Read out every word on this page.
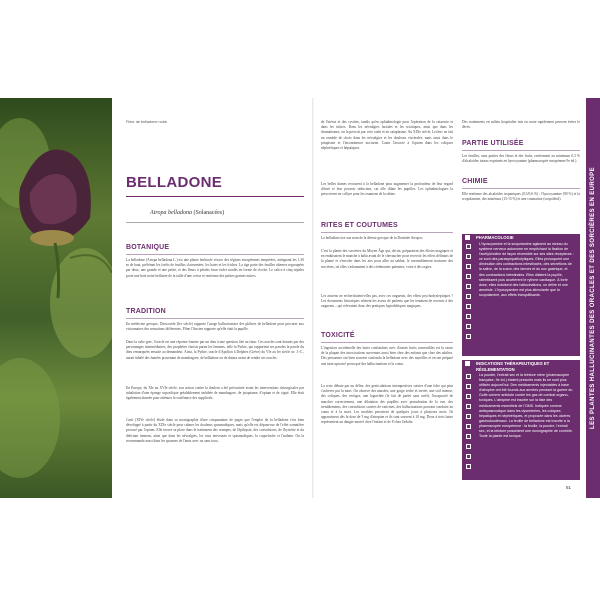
Fleur de belladone noire.
BELLADONE
Atropa belladona (Solanacées)
BOTANIQUE
La belladone (Atropa belladona L.) est une plante herbacée vivace des régions européennes tempérées, atteignant les 1,30 m de haut, préférant les forêts de feuillus clairsemées, les haies et les friches. La tige porte des feuilles alternes regroupées par deux, une grande et une petite, et des fleurs à pétales brun violet soudés en forme de cloche. Le calice à cinq sépales porte une baie noire brillante de la taille d'une cerise et renferme des petites graines noires.
TRADITION
En médecine grecque, Dioscoride (Ier siècle) rapporte l'usage hallucinatoire des philtres de belladone pour procurer aux visionnaires des sensations différentes. Pline l'Ancien rapporte qu'elle était la pupille.
Dans la culte grec, l'oracle est une réponse fournie par un dieu à une question liée au futur. Ces oracles sont donnés par des personnages intermédiaires, des prophètes choisis parmi les femmes, telle la Pythie, qui rapportent ses paroles la parole du dieu remarquées ensuite au demandeur. Ainsi, la Pythie, oracle d'Apollon à Delphes (Grèce) du VIe au Ier siècle av. J.-C., aurait inhalé des fumées provenant de mandragore, de belladone ou de datura avant de rendre ses oracles.
En Europe, du XIe au XVIe siècle, son action contre la douleur a été préconisée avant les interventions chirurgicales par inhalation d'une éponge soporifique préalablement imbibée de mandragore, de jusquiame, d'opium et de ciguë. Elle était également donnée pour atténuer la souffrance des suppliciés.
Casti (XIVe siècle) élude dans sa monographie d'une cinquantaine de pages que l'emploi de la belladone s'est bien développé à partir du XIXe siècle pour calmer les douleurs spasmodiques, mais qu'elle est dépourvue de l'effet somnifère procuré par l'opium. Elle trouve sa place dans le traitement des crampes, de l'épilepsie, des convulsions, de l'hystérie et du delirium tremens, ainsi que dans les névralgies, les toux nerveuses et spasmodiques, la coqueluche et l'asthme. On la recommande aussi dans les spasmes de l'anus avec ou sans toux,
de l'utérus et des cystites, tandis qu'en ophtalmologie pour l'opération de la cataracte et dans les iritites. Dans les névralgies faciales et les sciatiques, ainsi que dans les rhumatismes, on la prescrit par voie orale et en cataplasme. Au XIXe siècle, Leclerc en fait un remède de choix dans les névralgies et les douleurs viscérales, mais aussi dans le priapisme et l'incontinence nocturne. Cazin l'associe à l'opium dans les coliques néphrétiques et hépatiques.
Les belles dames recourent à la belladone pour augmenter la profondeur de leur regard diluvé et leur pouvoir séducteur, car elle dilate les pupilles. Les ophtalmologues la prescrivent en collyre pour les examens de la rétine.
RITES ET COUTUMES
La belladone tire son nom de la déesse grecque de la Destinée Atropos.
C'est la plante des sorcières du Moyen Âge qui, dit-on, préparaient des élixirs magiques et en enduisaient le manche à balai avant de le chevaucher pour recevoir les effets délirants de la plante et s'envoler dans les airs pour aller au sabbat, le rassemblement nocturne des sorcières, où elles s'adonnaient à des cérémonies païennes, voire à des orgies.
Les anciens ne recherchaient-elles pas, avec ces onguents, des effets psychodysleptiques ? Les documents historiques relatent les aveux de patients que les tentaient de recourir à des onguents – qui relevaient donc des pratiques hypothétiques magiques.
TOXICITÉ
L'ingestion accidentelle des baies confondues avec d'autres fruits comestibles est la cause de la plupart des intoxications survenues aussi bien chez des enfants que chez des adultes. Des personnes ont bien souvent confondu la belladone avec des myrtilles et en ont préparé une tarte aprouvé provoqué des hallucinations et la coma.
La crise débute par un délire, des gesticulations intempestives suivies d'une folie qui peut s'achever par la mort. On observe des nausées, une gorge sèche et serrée, une soif intense, des coliques, des vertiges, une logorrhée (le fait de parler sans arrêt), l'incapacité de marcher correctement, une dilatation des pupilles avec perturbation de la vue, des tremblements, des convulsions suivies de vaticines, des hallucinations pouvant conduire au coma et à la mort. Les troubles persistent de quelques jours à plusieurs mois. Ils apparaissent dès la dose de 5 mg d'atropine et ils sont souvent à 10 mg. Deux à trois baies représentent un danger mortel chez l'enfant et de 8 chez l'adulte.
Des traitements en milieu hospitalier mis en route rapidement peuvent éviter le décès.
PARTIE UTILISÉE
Les feuilles, sans parties des fleurs et des fruits, renferment au minimum 0,3 % d'alcaloïdes totaux exprimés en hyoscyamine (pharmacopée européenne 9e éd.).
CHIMIE
Elle renferme des alcaloïdes tropaniques (0,3/0,6 %) : l'hyoscyamine (90 %) et la scopolamine, des minéraux (13-15 %) et une coumarine (scopolétol).
PHARMACOLOGIE
L'hyoscyamine et la scopolamine agissent au niveau du système nerveux autonome en empêchant la fixation de l'acétylcholine de façon réversible sur ses sites récepteurs : ce sont des parasympatholytiques. Elles provoquent une diminution des contractions intestinales, des sécrétions de la salive, de la sueur, des larmes et du suc gastrique, et des contractions intestinales. Elles dilatent la pupille, ralentissent puis accélèrent le rythme cardiaque. À forte dose, elles induisent des hallucinations, un délire et une amnésie. L'hyoscyamine est plus stimulante que la scopolamine, aux effets tranquillisants.
INDICATIONS THÉRAPEUTIQUES ET RÉGLEMENTATION
La poudre, l'extrait sec et la teinture mère (pharmacopée française, 9e éd.) étaient prescrits mais ils ne sont plus utilisés aujourd'hui. Des médicaments injectables à base d'atropine ont été fournis aux armées pendant la guerre du Golfe comme antidote contre les gaz de combat organo-toxiques. L'atropine est inscrite sur la liste des médicaments essentiels de l'OMS. Indiquée comme antispasmodique dans les dysenteries, les coliques hépatiques et néphrétiques, et proposée dans les ulcères gastroduodénaux. La feuille de belladone est inscrite à la pharmacopée européenne : la feuille, la poudre, l'extrait sec, et la teinture possèdent une monographie de contrôle. Toute la plante est toxique.
LES PLANTES HALLUCINANTES DES ORACLES ET DES SORCIÈRES EN EUROPE
61
